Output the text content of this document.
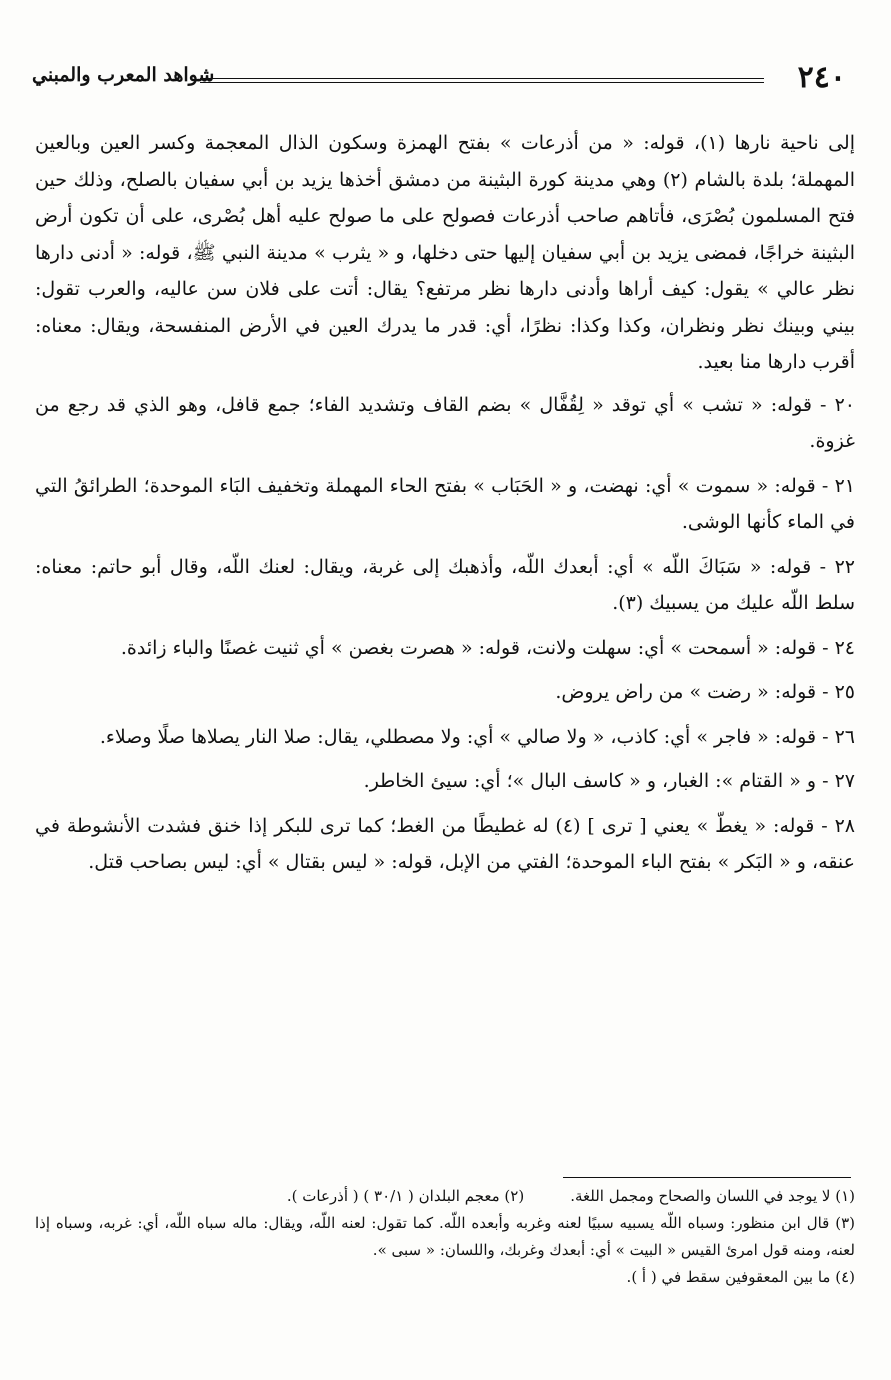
٢٤٠
شواهد المعرب والمبني

إلى ناحية نارها (١)، قوله: « من أذرعات » بفتح الهمزة وسكون الذال المعجمة وكسر العين وبالعين المهملة؛ بلدة بالشام (٢) وهي مدينة كورة البثينة من دمشق أخذها يزيد بن أبي سفيان بالصلح، وذلك حين فتح المسلمون بُصْرَى، فأتاهم صاحب أذرعات فصولح على ما صولح عليه أهل بُصْرى، على أن تكون أرض البثينة خراجًا، فمضى يزيد بن أبي سفيان إليها حتى دخلها، و « يثرب » مدينة النبي ﷺ، قوله: « أدنى دارها نظر عالي » يقول: كيف أراها وأدنى دارها نظر مرتفع؟ يقال: أتت على فلان سن عاليه، والعرب تقول: بيني وبينك نظر ونظران، وكذا وكذا: نظرًا، أي: قدر ما يدرك العين في الأرض المنفسحة، ويقال: معناه: أقرب دارها منا بعيد.

٢٠ - قوله: « تشب » أي توقد « لِقُفَّال » بضم القاف وتشديد الفاء؛ جمع قافل، وهو الذي قد رجع من غزوة.

٢١ - قوله: « سموت » أي: نهضت، و « الحَبَاب » بفتح الحاء المهملة وتخفيف البَاء الموحدة؛ الطرائقُ التي في الماء كأنها الوشى.

٢٢ - قوله: « سَبَاكَ اللّه » أي: أبعدك اللّه، وأذهبك إلى غربة، ويقال: لعنك اللّه، وقال أبو حاتم: معناه: سلط اللّه عليك من يسبيك (٣).

٢٤ - قوله: « أسمحت » أي: سهلت ولانت، قوله: « هصرت بغصن » أي ثنيت غصنًا والباء زائدة.

٢٥ - قوله: « رضت » من راض يروض.

٢٦ - قوله: « فاجر » أي: كاذب، « ولا صالي » أي: ولا مصطلي، يقال: صلا النار يصلاها صلًا وصلاء.

٢٧ - و « القتام »: الغبار، و « كاسف البال »؛ أي: سيئ الخاطر.

٢٨ - قوله: « يغطّ » يعني [ ترى ] (٤) له غطيطًا من الغط؛ كما ترى للبكر إذا خنق فشدت الأنشوطة في عنقه، و « البَكر » بفتح الباء الموحدة؛ الفتي من الإبل، قوله: « ليس بقتال » أي: ليس بصاحب قتل.

(١) لا يوجد في اللسان والصحاح ومجمل اللغة.
(٢) معجم البلدان ( ٣٠/١ ) ( أذرعات ).

(٣) قال ابن منظور: وسباه اللّه يسبيه سبيًا لعنه وغربه وأبعده اللّه. كما تقول: لعنه اللّه، ويقال: ماله سباه اللّه، أي: غربه، وسباه إذا لعنه، ومنه قول امرئ القيس « البيت » أي: أبعدك وغربك، واللسان: « سبى ».

(٤) ما بين المعقوفين سقط في ( أ ).
